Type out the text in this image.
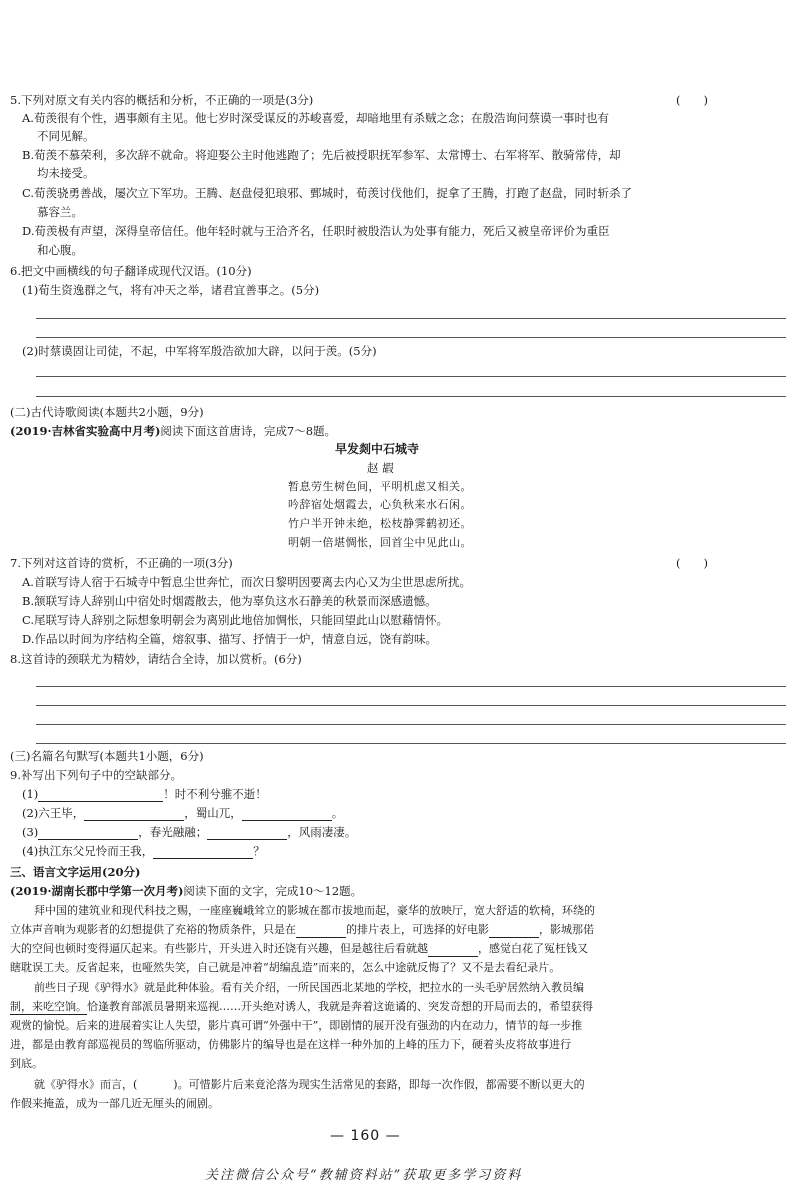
5.下列对原文有关内容的概括和分析，不正确的一项是(3分)	(　　)
A.荀羡很有个性，遇事颇有主见。他七岁时深受谋反的苏峻喜爱，却暗地里有杀贼之念；在殷浩询问蔡谟一事时也有
不同见解。
B.荀羡不慕荣利，多次辞不就命。将迎娶公主时他逃跑了；先后被授职抚军参军、太常博士、右军将军、散骑常侍，却
均未接受。
C.荀羡骁勇善战，屡次立下军功。王腾、赵盘侵犯琅邪、鄄城时，荀羡讨伐他们，捉拿了王腾，打跑了赵盘，同时斩杀了
慕容兰。
D.荀羡极有声望，深得皇帝信任。他年轻时就与王洽齐名，任职时被殷浩认为处事有能力，死后又被皇帝评价为重臣
和心腹。
6.把文中画横线的句子翻译成现代汉语。(10分)
(1)荀生资逸群之气，将有冲天之举，诸君宜善事之。(5分)
(2)时蔡谟固让司徒，不起，中军将军殷浩欲加大辟，以问于羡。(5分)
(二)古代诗歌阅读(本题共2小题，9分)
(2019·吉林省实验高中月考)阅读下面这首唐诗，完成7～8题。
早发剡中石城寺
赵 嘏
暂息劳生树色间，平明机虑又相关。
吟辞宿处烟霞去，心负秋来水石闲。
竹户半开钟未绝，松枝静霁鹤初还。
明朝一倍堪惆怅，回首尘中见此山。
7.下列对这首诗的赏析，不正确的一项(3分)	(　　)
A.首联写诗人宿于石城寺中暂息尘世奔忙，而次日黎明因要离去内心又为尘世思虑所扰。
B.颔联写诗人辞别山中宿处时烟霞散去，他为辜负这水石静美的秋景而深感遗憾。
C.尾联写诗人辞别之际想象明朝会为离别此地倍加惆怅，只能回望此山以慰藉情怀。
D.作品以时间为序结构全篇，熔叙事、描写、抒情于一炉，情意自远，饶有韵味。
8.这首诗的颈联尤为精妙，请结合全诗，加以赏析。(6分)
(三)名篇名句默写(本题共1小题，6分)
9.补写出下列句子中的空缺部分。
(1)	！时不利兮骓不逝！
(2)六王毕，	，蜀山兀，	。
(3)	，春光融融；	，风雨凄凄。
(4)执江东父兄怜而王我，	？
三、语言文字运用(20分)
(2019·湖南长郡中学第一次月考)阅读下面的文字，完成10～12题。
拜中国的建筑业和现代科技之赐，一座座巍峨耸立的影城在都市拔地而起，豪华的放映厅，宽大舒适的软椅，环绕的
立体声音响为观影者的幻想提供了充裕的物质条件，只是在	的排片表上，可选择的好电影	，影城那偌
大的空间也顿时变得逼仄起来。有些影片，开头进入时还饶有兴趣，但是越往后看就越	，感觉白花了冤枉钱又
瞎耽误工夫。反省起来，也哑然失笑，自己就是冲着“胡编乱造”而来的，怎么中途就反悔了？又不是去看纪录片。
前些日子现《驴得水》就是此种体验。看有关介绍，一所民国西北某地的学校，把拉水的一头毛驴居然纳入教员编
制，来吃空饷。恰逢教育部派员暑期来巡视……开头绝对诱人，我就是奔着这诡谲的、突发奇想的开局而去的，希望获得
观赏的愉悦。后来的进展着实让人失望，影片真可谓“外强中干”，即剧情的展开没有强劲的内在动力，情节的每一步推
进，都是由教育部巡视员的驾临所驱动，仿佛影片的编导也是在这样一种外加的上峰的压力下，硬着头皮将故事进行
到底。
就《驴得水》而言，(	)。可惜影片后来竟沦落为现实生活常见的套路，即每一次作假，都需要不断以更大的
作假来掩盖，成为一部几近无厘头的闹剧。
— 160 —
关注微信公众号“教辅资料站”获取更多学习资料
